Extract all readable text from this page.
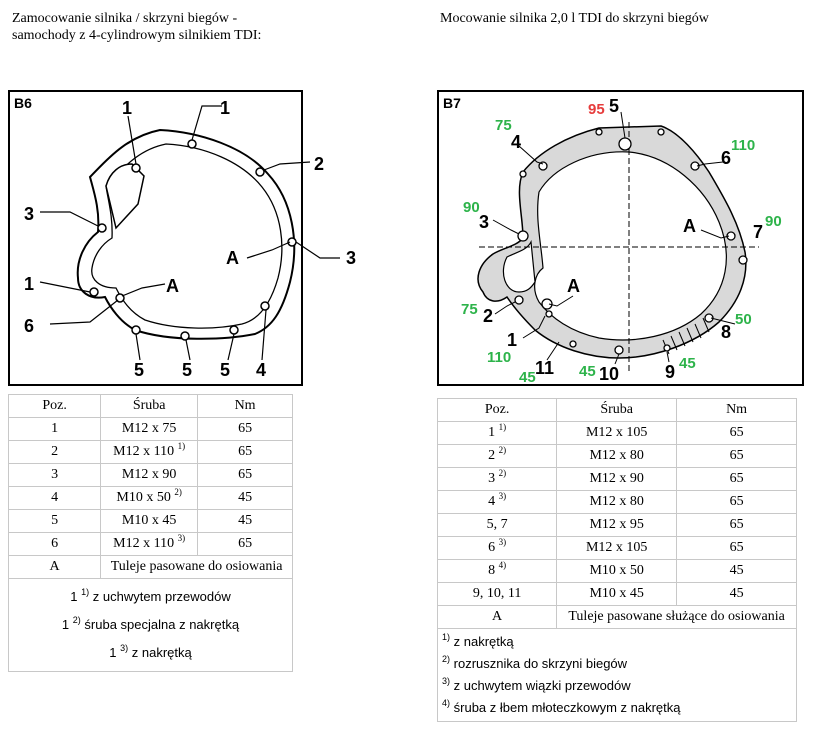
Zamocowanie silnika / skrzyni biegów - samochody z 4-cylindrowym silnikiem TDI:
B6	1	1
2
3
A	3
1	A
6
5 5 5 4
Poz.	Śruba	Nm
1	M12 x 75	65
2	M12 x 110 $^{1)}$	65
3	M12 x 90	65
4	M10 x 50 $^{2)}$	45
5	M10 x 45	45
6	M12 x 110 $^{3)}$	65
A	Tuleje pasowane do osiowania	

1 $^{1)}$ z uchwytem przewodów
1 $^{2)}$ śruba specjalna z nakrętką
1 $^{3)}$ z nakrętką		
Mocowanie silnika 2,0 l TDI do skrzyni biegów
B7	95 5
75
4	110
6
90
3	A	7
90
A
75 2
1
110
50
8
45
45 11 45 10	9
Poz.	Śruba	Nm
1 $^{1)}$	M12 x 105	65
2 $^{2)}$	M12 x 80	65
3 $^{2)}$	M12 x 90	65
4 $^{3)}$	M12 x 80	65
5, 7	M12 x 95	65
6 $^{3)}$	M12 x 105	65
8 $^{4)}$	M10 x 50	45
9, 10, 11	M10 x 45	45
A	Tuleje pasowane służące do osiowania	

$^{1)}$ z nakrętką
$^{2)}$ rozrusznika do skrzyni biegów
$^{3)}$ z uchwytem wiązki przewodów
$^{4)}$ śruba z łbem młoteczkowym z nakrętką		
